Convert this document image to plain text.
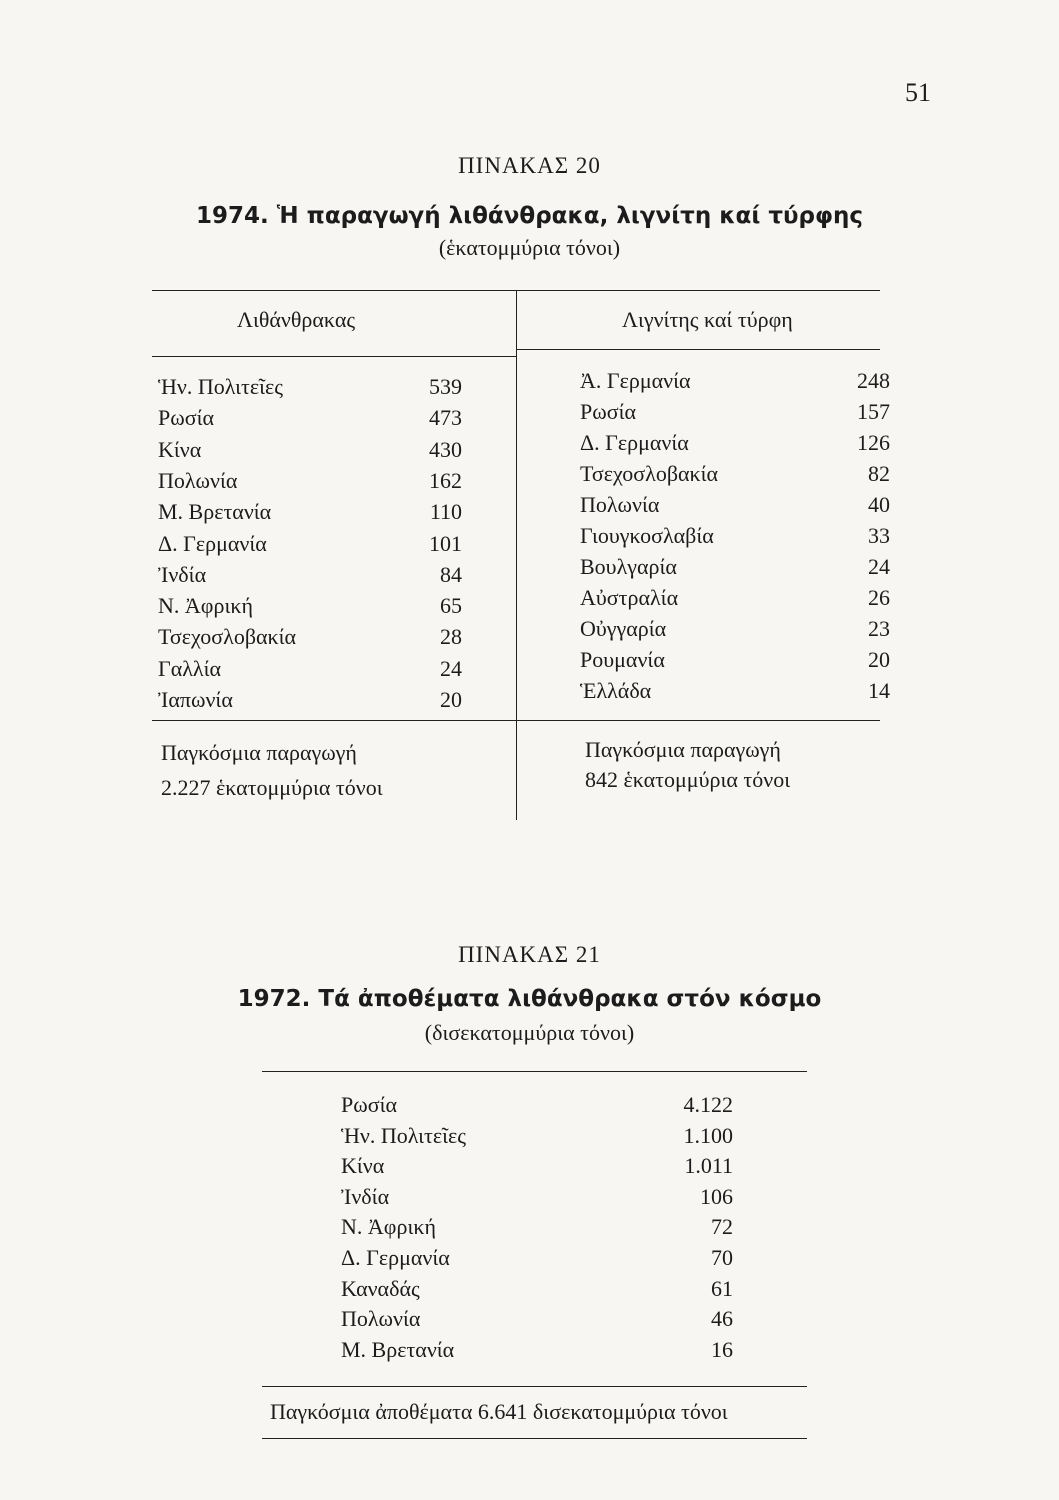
51
ΠΙΝΑΚΑΣ 20
1974. Ἡ παραγωγή λιθάνθρακα, λιγνίτη καί τύρφης
(ἑκατομμύρια τόνοι)
Λιθάνθρακας	Λιγνίτης καί τύρφη
Ἡν. Πολιτεῖες	539
Ρωσία	473
Κίνα	430
Πολωνία	162
Μ. Βρετανία	110
Δ. Γερμανία	101
Ἰνδία	84
Ν. Ἀφρική	65
Τσεχοσλοβακία	28
Γαλλία	24
Ἰαπωνία	20
Ἀ. Γερμανία	248
Ρωσία	157
Δ. Γερμανία	126
Τσεχοσλοβακία	82
Πολωνία	40
Γιουγκοσλαβία	33
Βουλγαρία	24
Αὐστραλία	26
Οὐγγαρία	23
Ρουμανία	20
Ἑλλάδα	14
Παγκόσμια παραγωγή
2.227 ἑκατομμύρια τόνοι
Παγκόσμια παραγωγή
842 ἑκατομμύρια τόνοι
ΠΙΝΑΚΑΣ 21
1972. Τά ἀποθέματα λιθάνθρακα στόν κόσμο
(δισεκατομμύρια τόνοι)
Ρωσία	4.122
Ἡν. Πολιτεῖες	1.100
Κίνα	1.011
Ἰνδία	106
Ν. Ἀφρική	72
Δ. Γερμανία	70
Καναδάς	61
Πολωνία	46
Μ. Βρετανία	16
Παγκόσμια ἀποθέματα 6.641 δισεκατομμύρια τόνοι
